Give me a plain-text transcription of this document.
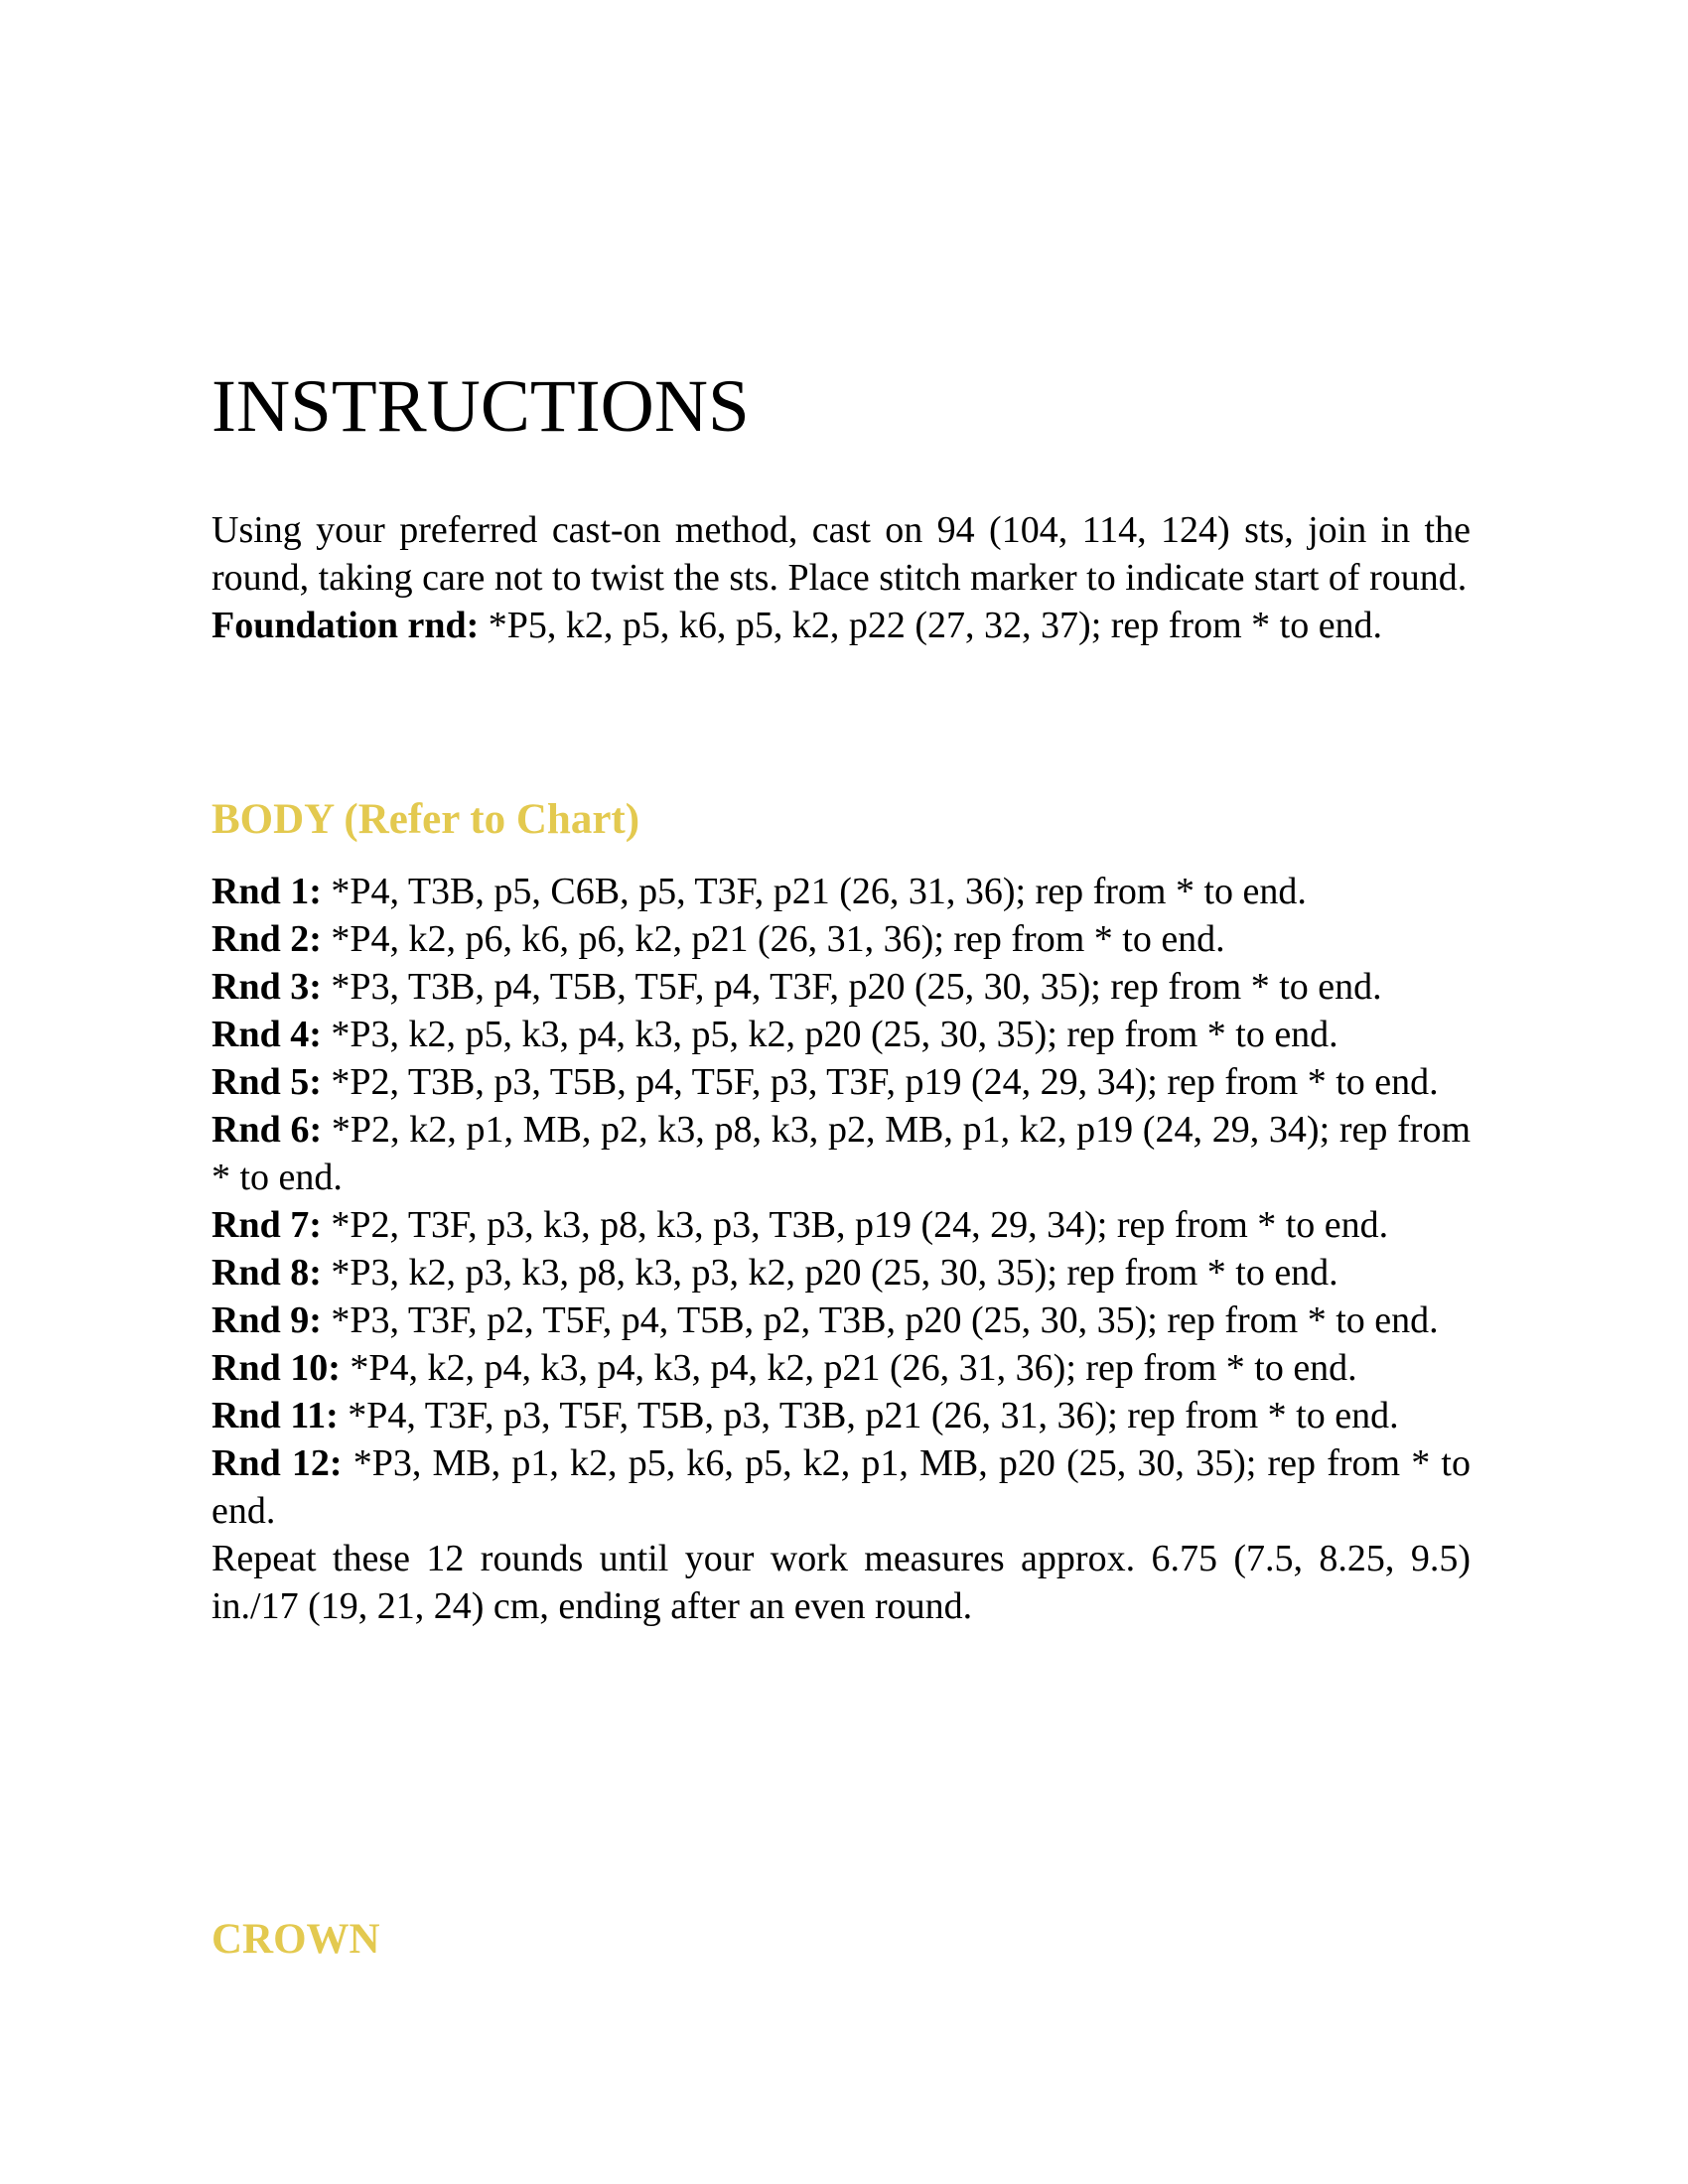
INSTRUCTIONS

Using your preferred cast-on method, cast on 94 (104, 114, 124) sts, join in the round, taking care not to twist the sts. Place stitch marker to indicate start of round.

Foundation rnd: *P5, k2, p5, k6, p5, k2, p22 (27, 32, 37); rep from * to end.

BODY (Refer to Chart)

Rnd 1: *P4, T3B, p5, C6B, p5, T3F, p21 (26, 31, 36); rep from * to end.

Rnd 2: *P4, k2, p6, k6, p6, k2, p21 (26, 31, 36); rep from * to end.

Rnd 3: *P3, T3B, p4, T5B, T5F, p4, T3F, p20 (25, 30, 35); rep from * to end.

Rnd 4: *P3, k2, p5, k3, p4, k3, p5, k2, p20 (25, 30, 35); rep from * to end.

Rnd 5: *P2, T3B, p3, T5B, p4, T5F, p3, T3F, p19 (24, 29, 34); rep from * to end.

Rnd 6: *P2, k2, p1, MB, p2, k3, p8, k3, p2, MB, p1, k2, p19 (24, 29, 34); rep from * to end.

Rnd 7: *P2, T3F, p3, k3, p8, k3, p3, T3B, p19 (24, 29, 34); rep from * to end.

Rnd 8: *P3, k2, p3, k3, p8, k3, p3, k2, p20 (25, 30, 35); rep from * to end.

Rnd 9: *P3, T3F, p2, T5F, p4, T5B, p2, T3B, p20 (25, 30, 35); rep from * to end.

Rnd 10: *P4, k2, p4, k3, p4, k3, p4, k2, p21 (26, 31, 36); rep from * to end.

Rnd 11: *P4, T3F, p3, T5F, T5B, p3, T3B, p21 (26, 31, 36); rep from * to end.

Rnd 12: *P3, MB, p1, k2, p5, k6, p5, k2, p1, MB, p20 (25, 30, 35); rep from * to end.

Repeat these 12 rounds until your work measures approx. 6.75 (7.5, 8.25, 9.5) in./17 (19, 21, 24) cm, ending after an even round.

CROWN
